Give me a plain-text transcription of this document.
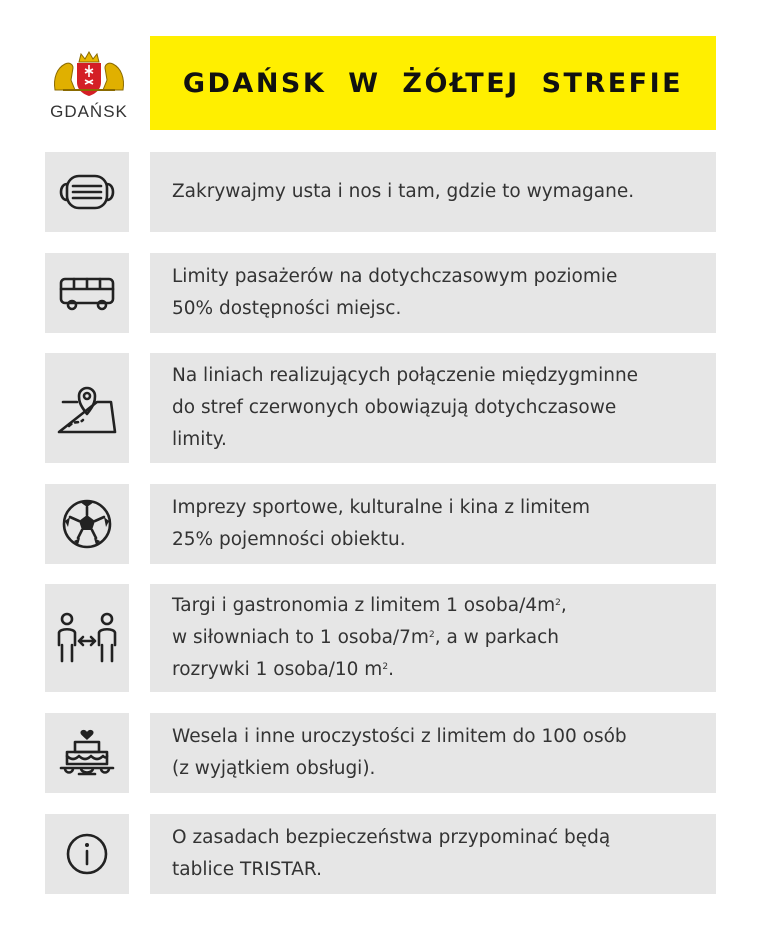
GDAŃSK
GDAŃSK W ŻÓŁTEJ STREFIE
Zakrywajmy usta i nos i tam, gdzie to wymagane.
Limity pasażerów na dotychczasowym poziomie
50% dostępności miejsc.
Na liniach realizujących połączenie międzygminne
do stref czerwonych obowiązują dotychczasowe
limity.
Imprezy sportowe, kulturalne i kina z limitem
25% pojemności obiektu.
Targi i gastronomia z limitem 1 osoba/$4m^2$,
w siłowniach to 1 osoba/$7m^2$, a w parkach
rozrywki 1 osoba/10 $m^2$.
Wesela i inne uroczystości z limitem do 100 osób
(z wyjątkiem obsługi).
O zasadach bezpieczeństwa przypominać będą
tablice TRISTAR.
